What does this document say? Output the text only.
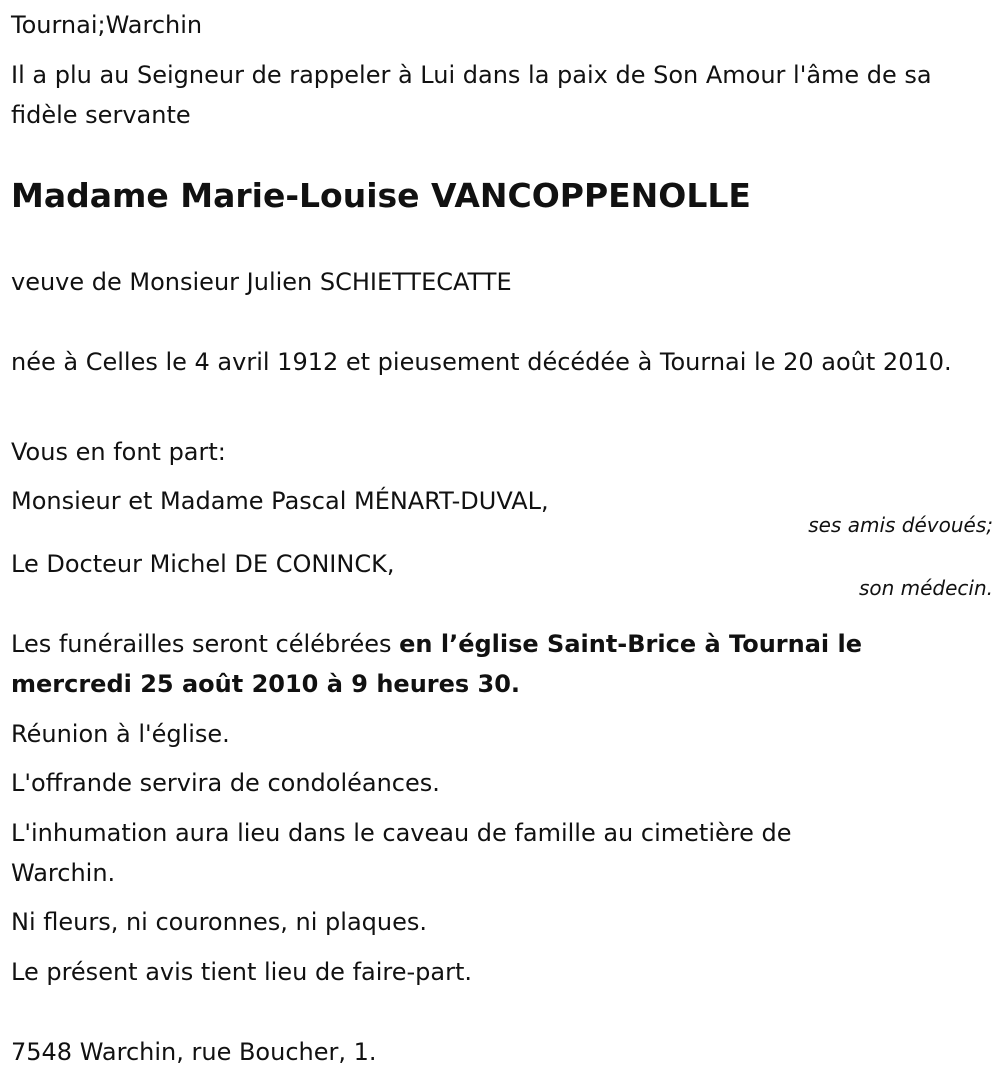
Tournai;Warchin
Il a plu au Seigneur de rappeler à Lui dans la paix de Son Amour l'âme de sa fidèle servante
Madame Marie-Louise VANCOPPENOLLE
veuve de Monsieur Julien SCHIETTECATTE
née à Celles le 4 avril 1912 et pieusement décédée à Tournai le 20 août 2010.
Vous en font part:
Monsieur et Madame Pascal MÉNART-DUVAL,
ses amis dévoués;
Le Docteur Michel DE CONINCK,
son médecin.
Les funérailles seront célébrées en l’église Saint-Brice à Tournai le mercredi 25 août 2010 à 9 heures 30.
Réunion à l'église.
L'offrande servira de condoléances.
L'inhumation aura lieu dans le caveau de famille au cimetière de Warchin.
Ni fleurs, ni couronnes, ni plaques.
Le présent avis tient lieu de faire-part.
7548 Warchin, rue Boucher, 1.
